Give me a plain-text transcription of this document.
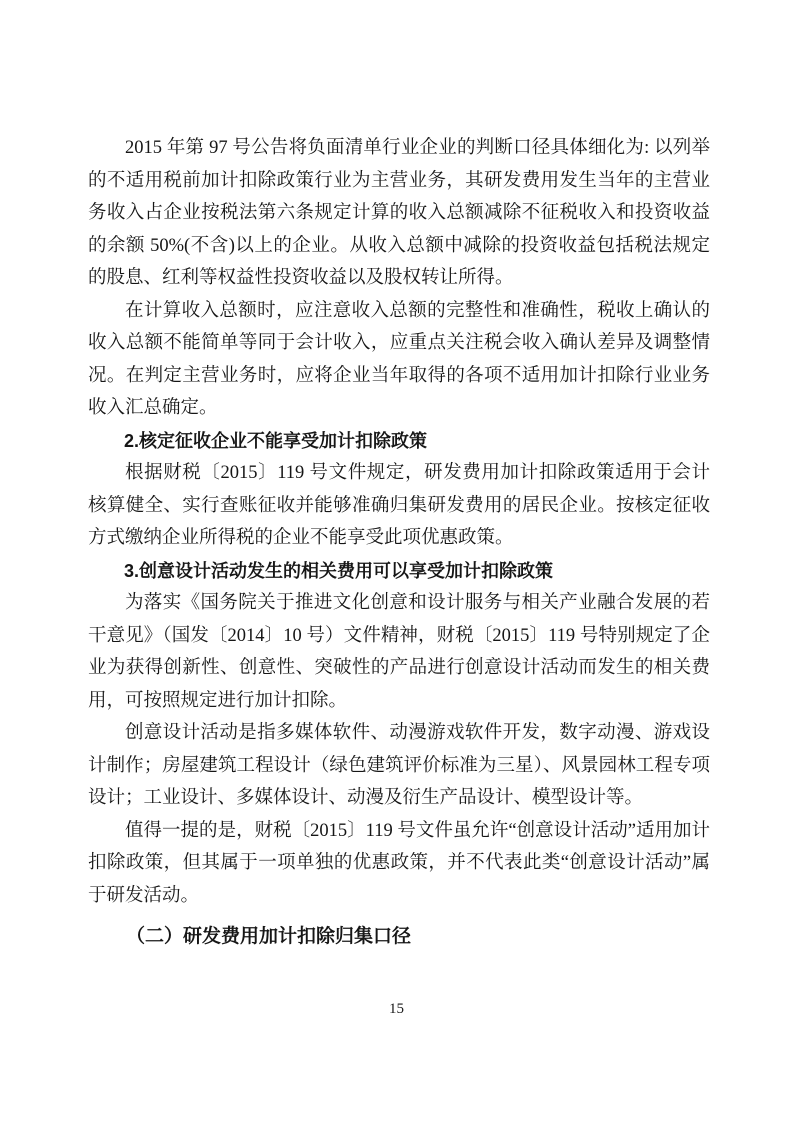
2015 年第 97 号公告将负面清单行业企业的判断口径具体细化为: 以列举的不适用税前加计扣除政策行业为主营业务，其研发费用发生当年的主营业务收入占企业按税法第六条规定计算的收入总额减除不征税收入和投资收益的余额 50%(不含)以上的企业。从收入总额中减除的投资收益包括税法规定的股息、红利等权益性投资收益以及股权转让所得。

在计算收入总额时，应注意收入总额的完整性和准确性，税收上确认的收入总额不能简单等同于会计收入，应重点关注税会收入确认差异及调整情况。在判定主营业务时，应将企业当年取得的各项不适用加计扣除行业业务收入汇总确定。

2.核定征收企业不能享受加计扣除政策

根据财税〔2015〕119 号文件规定，研发费用加计扣除政策适用于会计核算健全、实行查账征收并能够准确归集研发费用的居民企业。按核定征收方式缴纳企业所得税的企业不能享受此项优惠政策。

3.创意设计活动发生的相关费用可以享受加计扣除政策

为落实《国务院关于推进文化创意和设计服务与相关产业融合发展的若干意见》（国发〔2014〕10 号）文件精神，财税〔2015〕119 号特别规定了企业为获得创新性、创意性、突破性的产品进行创意设计活动而发生的相关费用，可按照规定进行加计扣除。

创意设计活动是指多媒体软件、动漫游戏软件开发，数字动漫、游戏设计制作；房屋建筑工程设计（绿色建筑评价标准为三星）、风景园林工程专项设计；工业设计、多媒体设计、动漫及衍生产品设计、模型设计等。

值得一提的是，财税〔2015〕119 号文件虽允许“创意设计活动”适用加计扣除政策，但其属于一项单独的优惠政策，并不代表此类“创意设计活动”属于研发活动。

（二）研发费用加计扣除归集口径

15
